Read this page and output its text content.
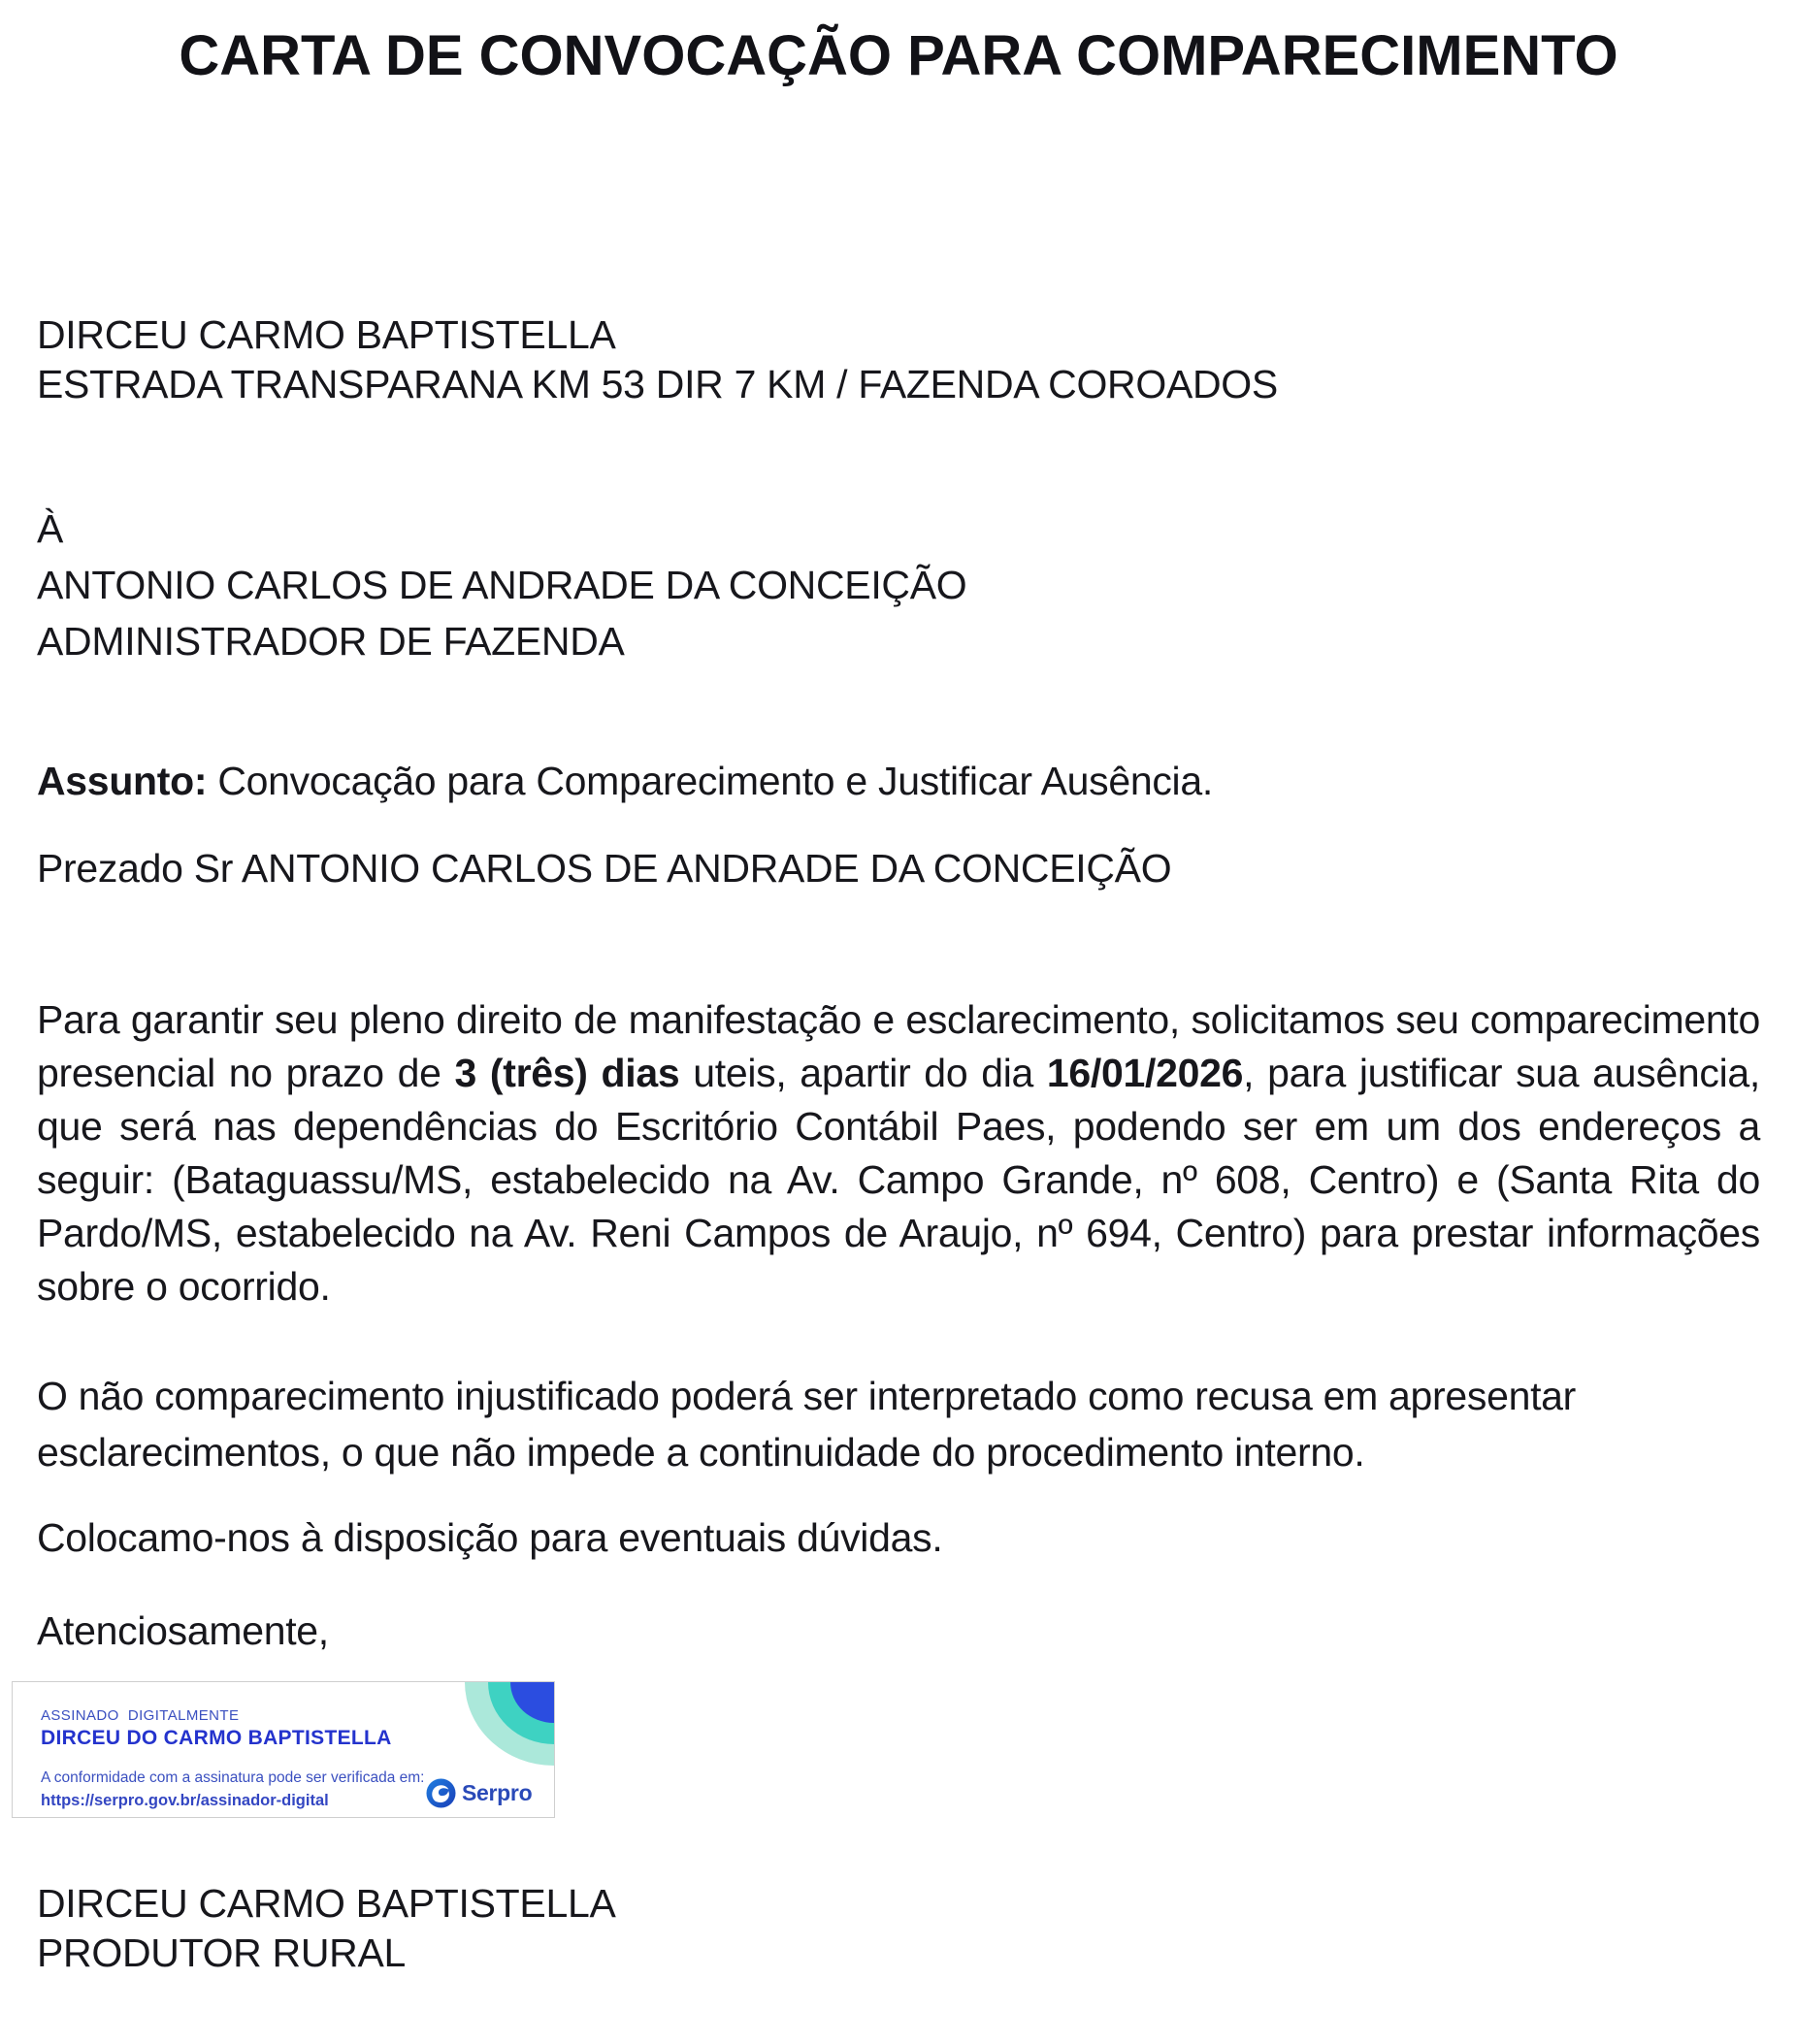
CARTA DE CONVOCAÇÃO PARA COMPARECIMENTO
DIRCEU CARMO BAPTISTELLA
ESTRADA TRANSPARANA KM 53 DIR 7 KM / FAZENDA COROADOS
À
ANTONIO CARLOS DE ANDRADE DA CONCEIÇÃO
ADMINISTRADOR DE FAZENDA
Assunto: Convocação para Comparecimento e Justificar Ausência.
Prezado Sr ANTONIO CARLOS DE ANDRADE DA CONCEIÇÃO
Para garantir seu pleno direito de manifestação e esclarecimento, solicitamos seu comparecimento presencial no prazo de 3 (três) dias uteis, apartir do dia 16/01/2026, para justificar sua ausência, que será nas dependências do Escritório Contábil Paes, podendo ser em um dos endereços a seguir: (Bataguassu/MS, estabelecido na Av. Campo Grande, nº 608, Centro) e (Santa Rita do Pardo/MS, estabelecido na Av. Reni Campos de Araujo, nº 694, Centro) para prestar informações sobre o ocorrido.
O não comparecimento injustificado poderá ser interpretado como recusa em apresentar esclarecimentos, o que não impede a continuidade do procedimento interno.
Colocamo-nos à disposição para eventuais dúvidas.
Atenciosamente,
ASSINADO  DIGITALMENTE
DIRCEU DO CARMO BAPTISTELLA
A conformidade com a assinatura pode ser verificada em:
https://serpro.gov.br/assinador-digital	Serpro
DIRCEU CARMO BAPTISTELLA
PRODUTOR RURAL
